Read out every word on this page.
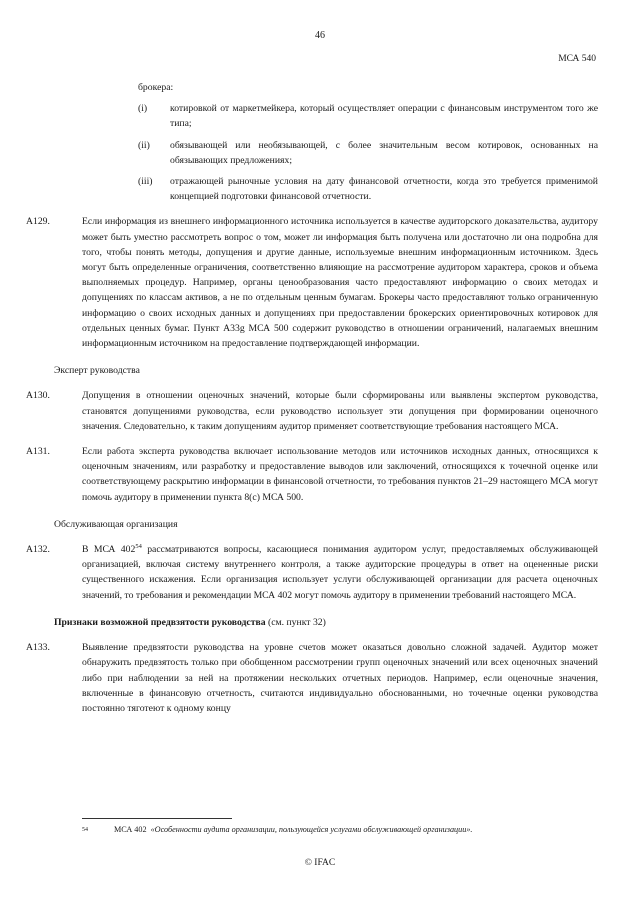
46
МСА 540
брокера:
(i)	котировкой от маркетмейкера, который осуществляет операции с финансовым инструментом того же типа;
(ii)	обязывающей или необязывающей, с более значительным весом котировок, основанных на обязывающих предложениях;
(iii)	отражающей рыночные условия на дату финансовой отчетности, когда это требуется применимой концепцией подготовки финансовой отчетности.
A129.	Если информация из внешнего информационного источника используется в качестве аудиторского доказательства, аудитору может быть уместно рассмотреть вопрос о том, может ли информация быть получена или достаточно ли она подробна для того, чтобы понять методы, допущения и другие данные, используемые внешним информационным источником. Здесь могут быть определенные ограничения, соответственно влияющие на рассмотрение аудитором характера, сроков и объема выполняемых процедур. Например, органы ценообразования часто предоставляют информацию о своих методах и допущениях по классам активов, а не по отдельным ценным бумагам. Брокеры часто предоставляют только ограниченную информацию о своих исходных данных и допущениях при предоставлении брокерских ориентировочных котировок для отдельных ценных бумаг. Пункт A33g МСА 500 содержит руководство в отношении ограничений, налагаемых внешним информационным источником на предоставление подтверждающей информации.
Эксперт руководства
A130.	Допущения в отношении оценочных значений, которые были сформированы или выявлены экспертом руководства, становятся допущениями руководства, если руководство использует эти допущения при формировании оценочного значения. Следовательно, к таким допущениям аудитор применяет соответствующие требования настоящего МСА.
A131.	Если работа эксперта руководства включает использование методов или источников исходных данных, относящихся к оценочным значениям, или разработку и предоставление выводов или заключений, относящихся к точечной оценке или соответствующему раскрытию информации в финансовой отчетности, то требования пунктов 21–29 настоящего МСА могут помочь аудитору в применении пункта 8(c) МСА 500.
Обслуживающая организация
A132.	В МСА $402^{54}$ рассматриваются вопросы, касающиеся понимания аудитором услуг, предоставляемых обслуживающей организацией, включая систему внутреннего контроля, а также аудиторские процедуры в ответ на оцененные риски существенного искажения. Если организация использует услуги обслуживающей организации для расчета оценочных значений, то требования и рекомендации МСА 402 могут помочь аудитору в применении требований настоящего МСА.
Признаки возможной предвзятости руководства (см. пункт 32)
A133.	Выявление предвзятости руководства на уровне счетов может оказаться довольно сложной задачей. Аудитор может обнаружить предвзятость только при обобщенном рассмотрении групп оценочных значений или всех оценочных значений либо при наблюдении за ней на протяжении нескольких отчетных периодов. Например, если оценочные значения, включенные в финансовую отчетность, считаются индивидуально обоснованными, но точечные оценки руководства постоянно тяготеют к одному концу
54	МСА 402 «Особенности аудита организации, пользующейся услугами обслуживающей организации».
© IFAC
